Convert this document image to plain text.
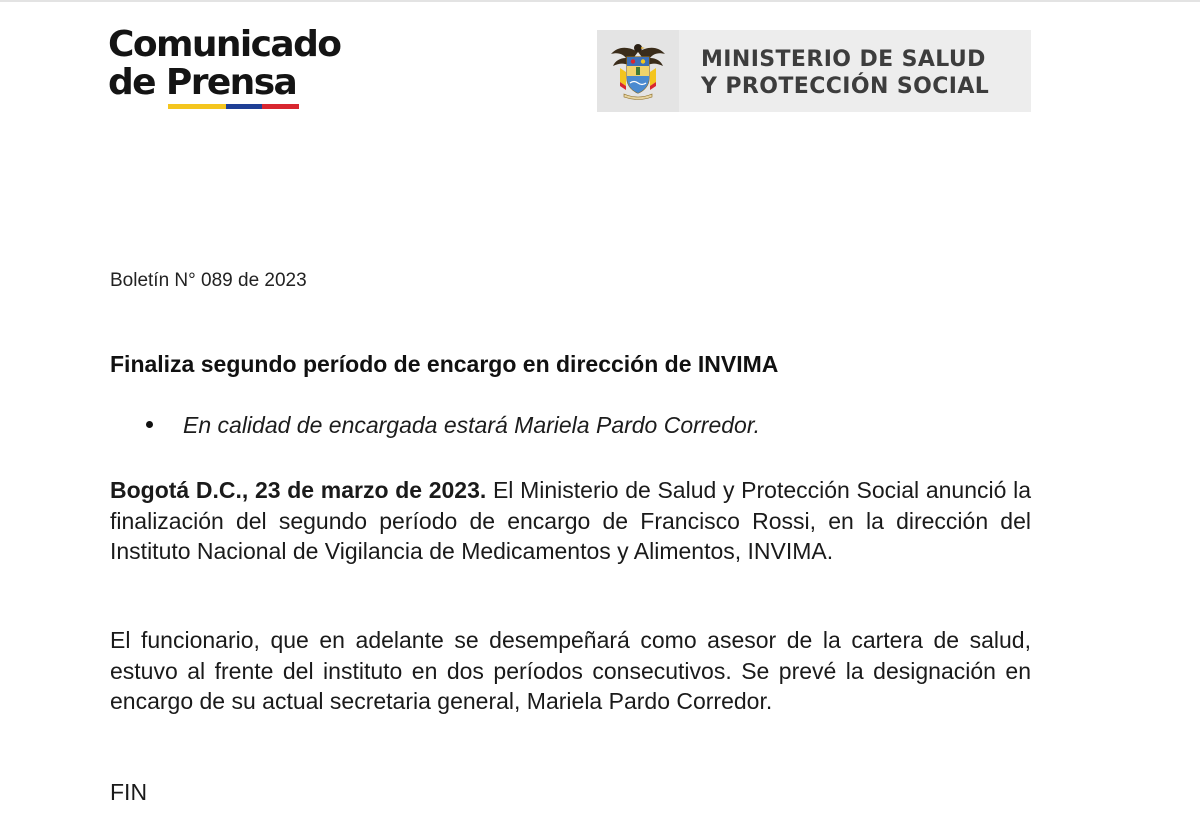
Comunicado
de Prensa
MINISTERIO DE SALUD
Y PROTECCIÓN SOCIAL
Boletín N° 089 de 2023
Finaliza segundo período de encargo en dirección de INVIMA
En calidad de encargada estará Mariela Pardo Corredor.

Bogotá D.C., 23 de marzo de 2023. El Ministerio de Salud y Protección Social anunció la finalización del segundo período de encargo de Francisco Rossi, en la dirección del Instituto Nacional de Vigilancia de Medicamentos y Alimentos, INVIMA.

El funcionario, que en adelante se desempeñará como asesor de la cartera de salud, estuvo al frente del instituto en dos períodos consecutivos. Se prevé la designación en encargo de su actual secretaria general, Mariela Pardo Corredor.

FIN
